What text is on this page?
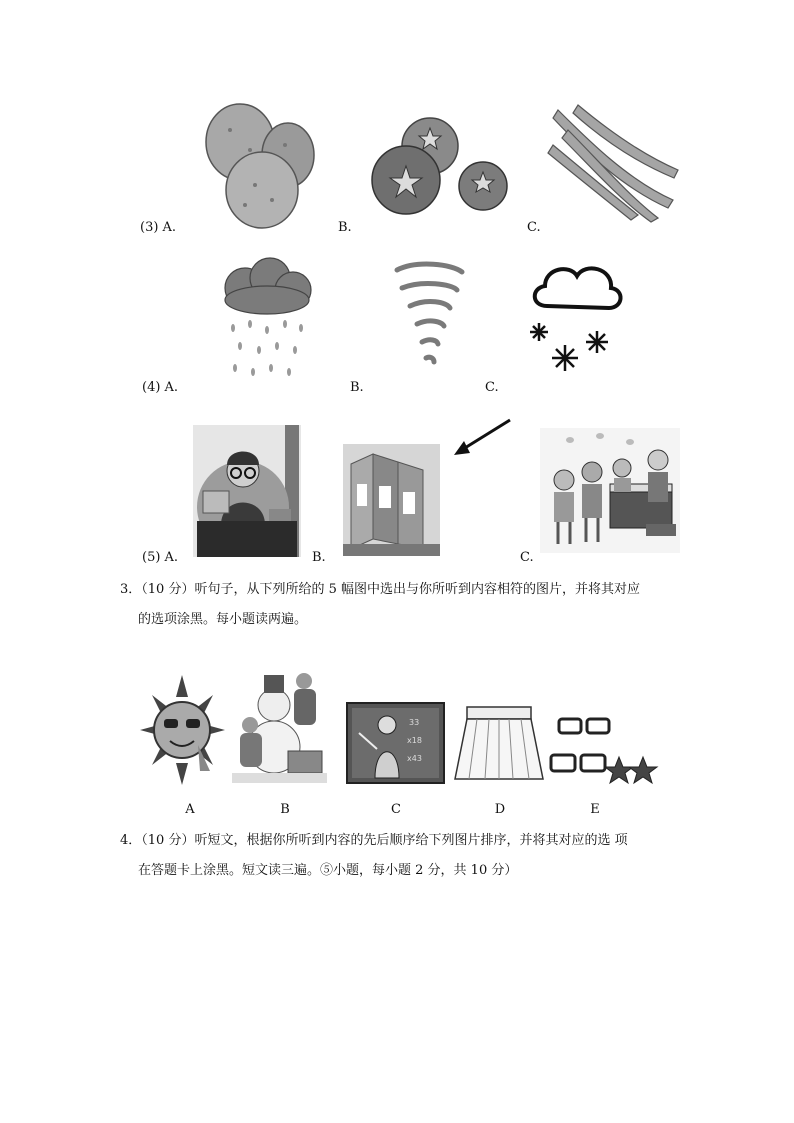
(3) A.	B.	C.
(4) A.	B.	C.
(5) A.	B.	C.
3．（10 分）听句子，从下列所给的 5 幅图中选出与你所听到内容相符的图片，并将其对应
的选项涂黑。每小题读两遍。
33
x18
x43
A	B	C	D	E
4．（10 分）听短文，根据你所听到内容的先后顺序给下列图片排序，并将其对应的选 项
在答题卡上涂黑。短文读三遍。⑤小题，每小题 2 分，共 10 分）
